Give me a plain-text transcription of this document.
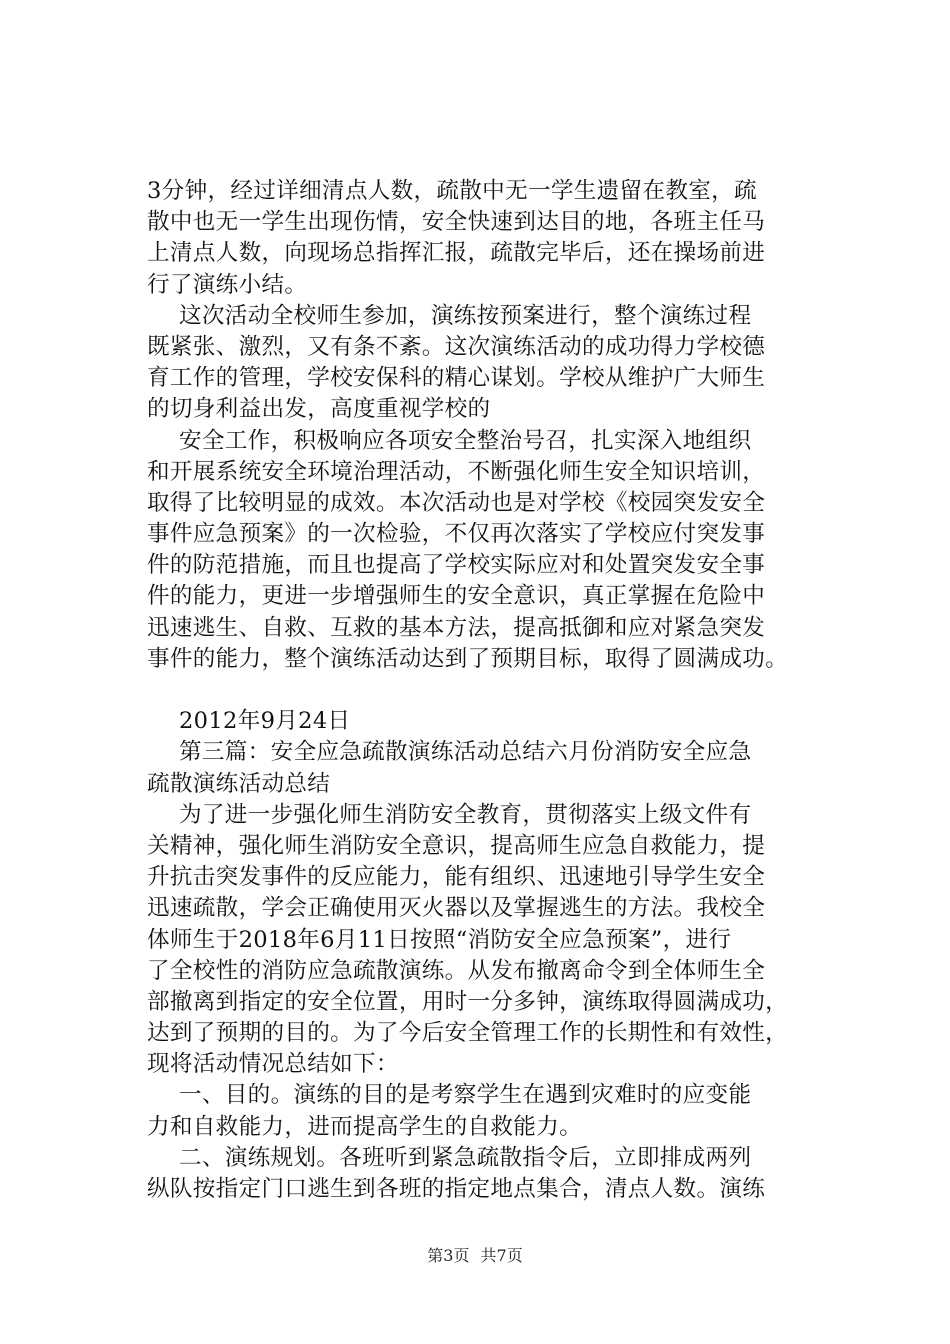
3分钟，经过详细清点人数，疏散中无一学生遗留在教室，疏
散中也无一学生出现伤情，安全快速到达目的地，各班主任马
上清点人数，向现场总指挥汇报，疏散完毕后，还在操场前进
行了演练小结。
这次活动全校师生参加，演练按预案进行，整个演练过程
既紧张、激烈，又有条不紊。这次演练活动的成功得力学校德
育工作的管理，学校安保科的精心谋划。学校从维护广大师生
的切身利益出发，高度重视学校的
安全工作，积极响应各项安全整治号召，扎实深入地组织
和开展系统安全环境治理活动，不断强化师生安全知识培训，
取得了比较明显的成效。本次活动也是对学校《校园突发安全
事件应急预案》的一次检验，不仅再次落实了学校应付突发事
件的防范措施，而且也提高了学校实际应对和处置突发安全事
件的能力，更进一步增强师生的安全意识，真正掌握在危险中
迅速逃生、自救、互救的基本方法，提高抵御和应对紧急突发
事件的能力，整个演练活动达到了预期目标，取得了圆满成功。
2012年9月24日
第三篇：安全应急疏散演练活动总结六月份消防安全应急
疏散演练活动总结
为了进一步强化师生消防安全教育，贯彻落实上级文件有
关精神，强化师生消防安全意识，提高师生应急自救能力，提
升抗击突发事件的反应能力，能有组织、迅速地引导学生安全
迅速疏散，学会正确使用灭火器以及掌握逃生的方法。我校全
体师生于2018年6月11日按照“消防安全应急预案”，进行
了全校性的消防应急疏散演练。从发布撤离命令到全体师生全
部撤离到指定的安全位置，用时一分多钟，演练取得圆满成功，
达到了预期的目的。为了今后安全管理工作的长期性和有效性，
现将活动情况总结如下：
一、目的。演练的目的是考察学生在遇到灾难时的应变能
力和自救能力，进而提高学生的自救能力。
二、演练规划。各班听到紧急疏散指令后，立即排成两列
纵队按指定门口逃生到各班的指定地点集合，清点人数。演练
第3页 共7页
